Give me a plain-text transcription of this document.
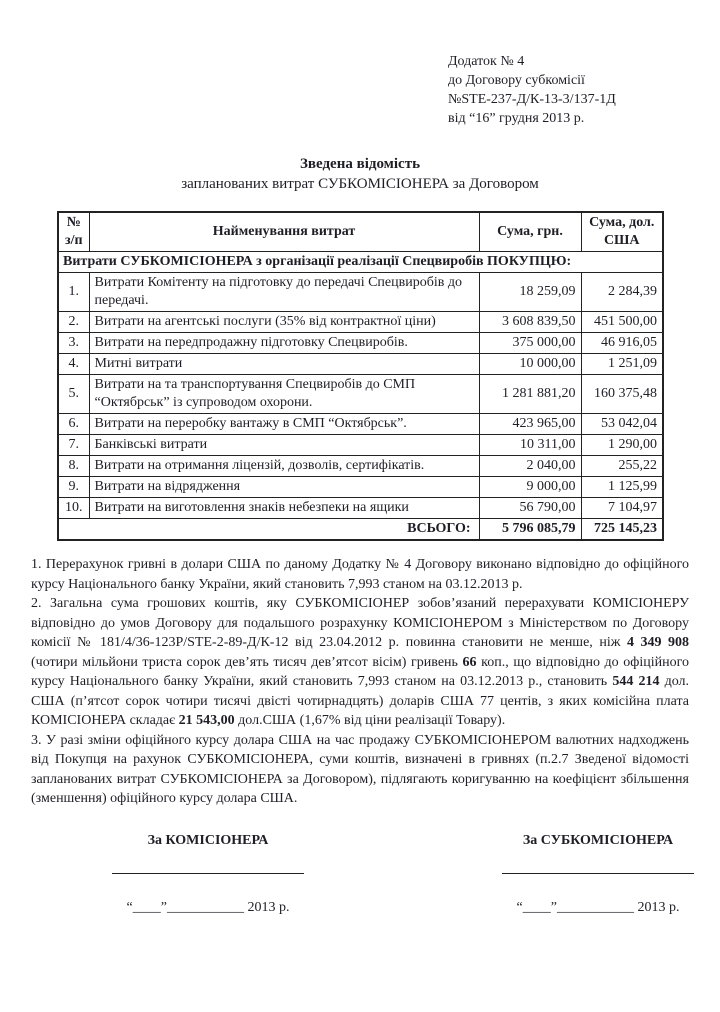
Додаток № 4
до Договору субкомісії
№STE-237-Д/К-13-3/137-1Д
від “16” грудня 2013 р.
Зведена відомість
запланованих витрат СУБКОМІСІОНЕРА за Договором
№ з/п	Найменування витрат	Сума, грн.	Сума, дол. США
Витрати СУБКОМІСІОНЕРА з організації реалізації Спецвиробів ПОКУПЦЮ:			
1.	Витрати Комітенту на підготовку до передачі Спецвиробів до передачі.	18 259,09	2 284,39
2.	Витрати на агентські послуги (35% від контрактної ціни)	3 608 839,50	451 500,00
3.	Витрати на передпродажну підготовку Спецвиробів.	375 000,00	46 916,05
4.	Митні витрати	10 000,00	1 251,09
5.	Витрати на та транспортування Спецвиробів до СМП “Октябрськ” із супроводом охорони.	1 281 881,20	160 375,48
6.	Витрати на переробку вантажу в СМП “Октябрськ”.	423 965,00	53 042,04
7.	Банківські витрати	10 311,00	1 290,00
8.	Витрати на отримання ліцензій, дозволів, сертифікатів.	2 040,00	255,22
9.	Витрати на відрядження	9 000,00	1 125,99
10.	Витрати на виготовлення знаків небезпеки на ящики	56 790,00	7 104,97
ВСЬОГО:		5 796 085,79	725 145,23

1. Перерахунок гривні в долари США по даному Додатку № 4 Договору виконано відповідно до офіційного курсу Національного банку України, який становить 7,993 станом на 03.12.2013 р.

2. Загальна сума грошових коштів, яку СУБКОМІСІОНЕР зобов’язаний перерахувати КОМІСІОНЕРУ відповідно до умов Договору для подальшого розрахунку КОМІСІОНЕРОМ з Міністерством по Договору комісії № 181/4/36-123Р/STE-2-89-Д/К-12 від 23.04.2012 р. повинна становити не менше, ніж 4 349 908 (чотири мільйони триста сорок дев’ять тисяч дев’ятсот вісім) гривень 66 коп., що відповідно до офіційного курсу Національного банку України, який становить 7,993 станом на 03.12.2013 р., становить 544 214 дол. США (п’ятсот сорок чотири тисячі двісті чотирнадцять) доларів США 77 центів, з яких комісійна плата КОМІСІОНЕРА складає 21 543,00 дол.США (1,67% від ціни реалізації Товару).

3. У разі зміни офіційного курсу долара США на час продажу СУБКОМІСІОНЕРОМ валютних надходжень від Покупця на рахунок СУБКОМІСІОНЕРА, суми коштів, визначені в гривнях (п.2.7 Зведеної відомості запланованих витрат СУБКОМІСІОНЕРА за Договором), підлягають коригуванню на коефіцієнт збільшення (зменшення) офіційного курсу долара США.

За КОМІСІОНЕРА
“____”___________ 2013 р.
За СУБКОМІСІОНЕРА
“____”___________ 2013 р.
